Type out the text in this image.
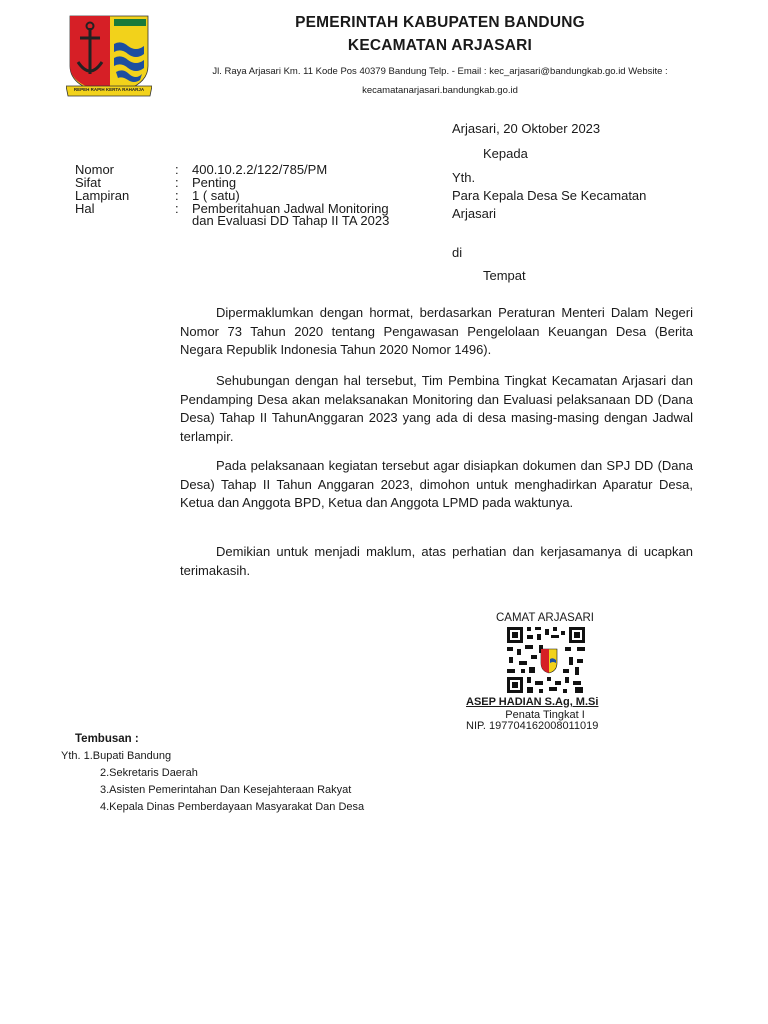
REPEH RAPIH KERTA RAHARJA
PEMERINTAH KABUPATEN BANDUNG
KECAMATAN ARJASARI
Jl. Raya Arjasari Km. 11 Kode Pos 40379 Bandung Telp. - Email : kec_arjasari@bandungkab.go.id Website :
kecamatanarjasari.bandungkab.go.id
Nomor	: 400.10.2.2/122/785/PM
Sifat	: Penting
Lampiran	: 1 ( satu)
Hal	: Pemberitahuan Jadwal Monitoring
dan Evaluasi DD Tahap II TA 2023
Arjasari, 20 Oktober 2023
Kepada
Yth.
Para Kepala Desa Se Kecamatan
Arjasari
di
Tempat
Dipermaklumkan dengan hormat, berdasarkan Peraturan Menteri Dalam Negeri Nomor 73 Tahun 2020 tentang Pengawasan Pengelolaan Keuangan Desa (Berita Negara Republik Indonesia Tahun 2020 Nomor 1496).
Sehubungan dengan hal tersebut, Tim Pembina Tingkat Kecamatan Arjasari dan Pendamping Desa akan melaksanakan Monitoring dan Evaluasi pelaksanaan DD (Dana Desa) Tahap II TahunAnggaran 2023 yang ada di desa masing-masing dengan Jadwal terlampir.
Pada pelaksanaan kegiatan tersebut agar disiapkan dokumen dan SPJ DD (Dana Desa) Tahap II Tahun Anggaran 2023, dimohon untuk menghadirkan Aparatur Desa, Ketua dan Anggota BPD, Ketua dan Anggota LPMD pada waktunya.
Demikian untuk menjadi maklum, atas perhatian dan kerjasamanya di ucapkan terimakasih.
CAMAT ARJASARI
ASEP HADIAN S.Ag, M.Si
Penata Tingkat I
NIP. 197704162008011019
Tembusan :
Yth. 1.Bupati Bandung
2.Sekretaris Daerah
3.Asisten Pemerintahan Dan Kesejahteraan Rakyat
4.Kepala Dinas Pemberdayaan Masyarakat Dan Desa
